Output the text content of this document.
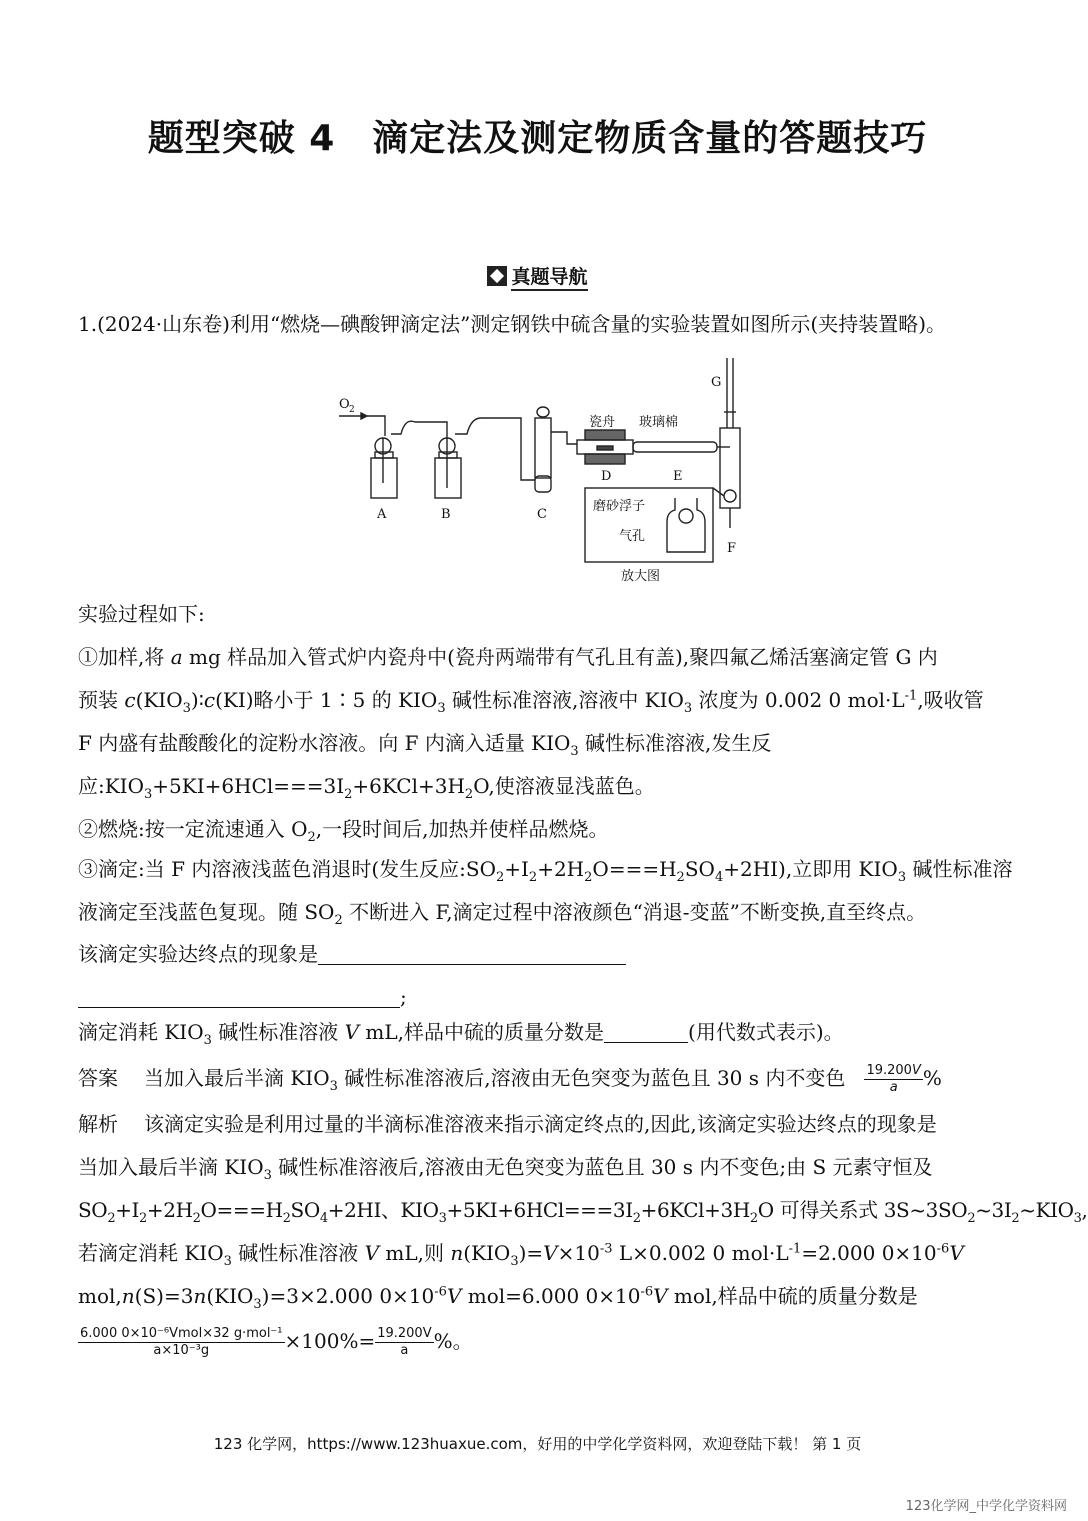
题型突破 4　滴定法及测定物质含量的答题技巧
真题导航
1.(2024·山东卷)利用“燃烧—碘酸钾滴定法”测定钢铁中硫含量的实验装置如图所示(夹持装置略)。
O 2
A	B	C
D	E
F
G
瓷舟 玻璃棉
磨砂浮子
气孔
放大图
实验过程如下:
①加样,将 a mg 样品加入管式炉内瓷舟中(瓷舟两端带有气孔且有盖),聚四氟乙烯活塞滴定管 G 内
预装 $c(KIO_3)∶c(KI)$略小于 1∶5 的 $KIO_3$ 碱性标准溶液,溶液中 $KIO_3$ 浓度为 0.002 0 $mol\cdot L^{-1}$,吸收管
F 内盛有盐酸酸化的淀粉水溶液。向 F 内滴入适量 $KIO_3$ 碱性标准溶液,发生反
应$:KIO_3+5KI+6HCl===3I_2+6KCl+3H_2O$,使溶液显浅蓝色。
②燃烧:按一定流速通入 $O_2$,一段时间后,加热并使样品燃烧。
③滴定:当 F 内溶液浅蓝色消退时(发生反应$:SO_2+I_2+2H_2O===H_2SO_4+2HI$),立即用 $KIO_3$ 碱性标准溶
液滴定至浅蓝色复现。随 $SO_2$ 不断进入 F,滴定过程中溶液颜色“消退-变蓝”不断变换,直至终点。
该滴定实验达终点的现象是
;
滴定消耗 $KIO_3$ 碱性标准溶液 V mL,样品中硫的质量分数是	(用代数式表示)。
答案 当加入最后半滴 $KIO_3$ 碱性标准溶液后,溶液由无色突变为蓝色且 30 s 内不变色 $\frac{19.200V}{a}$ %
解析 该滴定实验是利用过量的半滴标准溶液来指示滴定终点的,因此,该滴定实验达终点的现象是
当加入最后半滴 $KIO_3$ 碱性标准溶液后,溶液由无色突变为蓝色且 30 s 内不变色;由 S 元素守恒及
$SO_2+I_2+2H_2O===H_2SO_4+2HI$、$KIO_3+5KI+6HCl===3I_2+6KCl+3H_2O$ 可得关系式 $3S\sim 3SO_2\sim 3I_2\sim KIO_3$,
若滴定消耗 $KIO_3$ 碱性标准溶液 V mL,则 $n(KIO_3)=V\times 10^{-3}$ L×0.002 0 $mol\cdot L^{-1}=2.000$ $0\times 10^{-6}V$
$mol,n(S)=3n(KIO_3)=3\times 2.000$ $0\times 10^{-6}V$ mol=6.000 $0\times 10^{-6}V$ mol,样品中硫的质量分数是
$\frac{\text{6.000 0×10⁻⁶Vmol×32 g·mol⁻¹}}{\text{a×10⁻³g}} \times 100\%= \frac{19.200V}{a}$ %。
123 化学网，https://www.123huaxue.com，好用的中学化学资料网，欢迎登陆下载！ 第 1 页
123化学网_中学化学资料网
